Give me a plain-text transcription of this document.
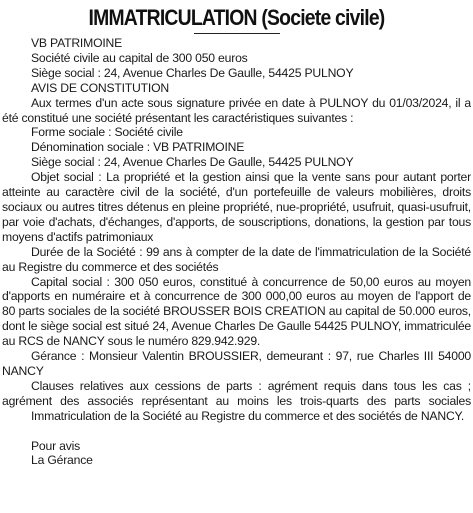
IMMATRICULATION (Societe civile)
VB PATRIMOINE
Société civile au capital de 300 050 euros
Siège social : 24, Avenue Charles De Gaulle, 54425 PULNOY
AVIS DE CONSTITUTION
Aux termes d'un acte sous signature privée en date à PULNOY du 01/03/2024, il a
été constitué une société présentant les caractéristiques suivantes :
Forme sociale : Société civile
Dénomination sociale : VB PATRIMOINE
Siège social : 24, Avenue Charles De Gaulle, 54425 PULNOY
Objet social : La propriété et la gestion ainsi que la vente sans pour autant porter
atteinte au caractère civil de la société, d'un portefeuille de valeurs mobilières, droits
sociaux ou autres titres détenus en pleine propriété, nue-propriété, usufruit, quasi-usufruit,
par voie d'achats, d'échanges, d'apports, de souscriptions, donations, la gestion par tous
moyens d'actifs patrimoniaux
Durée de la Société : 99 ans à compter de la date de l'immatriculation de la Société
au Registre du commerce et des sociétés
Capital social : 300 050 euros, constitué à concurrence de 50,00 euros au moyen
d'apports en numéraire et à concurrence de 300 000,00 euros au moyen de l'apport de
80 parts sociales de la société BROUSSER BOIS CREATION au capital de 50.000 euros,
dont le siège social est situé 24, Avenue Charles De Gaulle 54425 PULNOY, immatriculée
au RCS de NANCY sous le numéro 829.942.929.
Gérance : Monsieur Valentin BROUSSIER, demeurant : 97, rue Charles III 54000
NANCY
Clauses relatives aux cessions de parts : agrément requis dans tous les cas ;
agrément des associés représentant au moins les trois-quarts des parts sociales
Immatriculation de la Société au Registre du commerce et des sociétés de NANCY.
Pour avis
La Gérance
